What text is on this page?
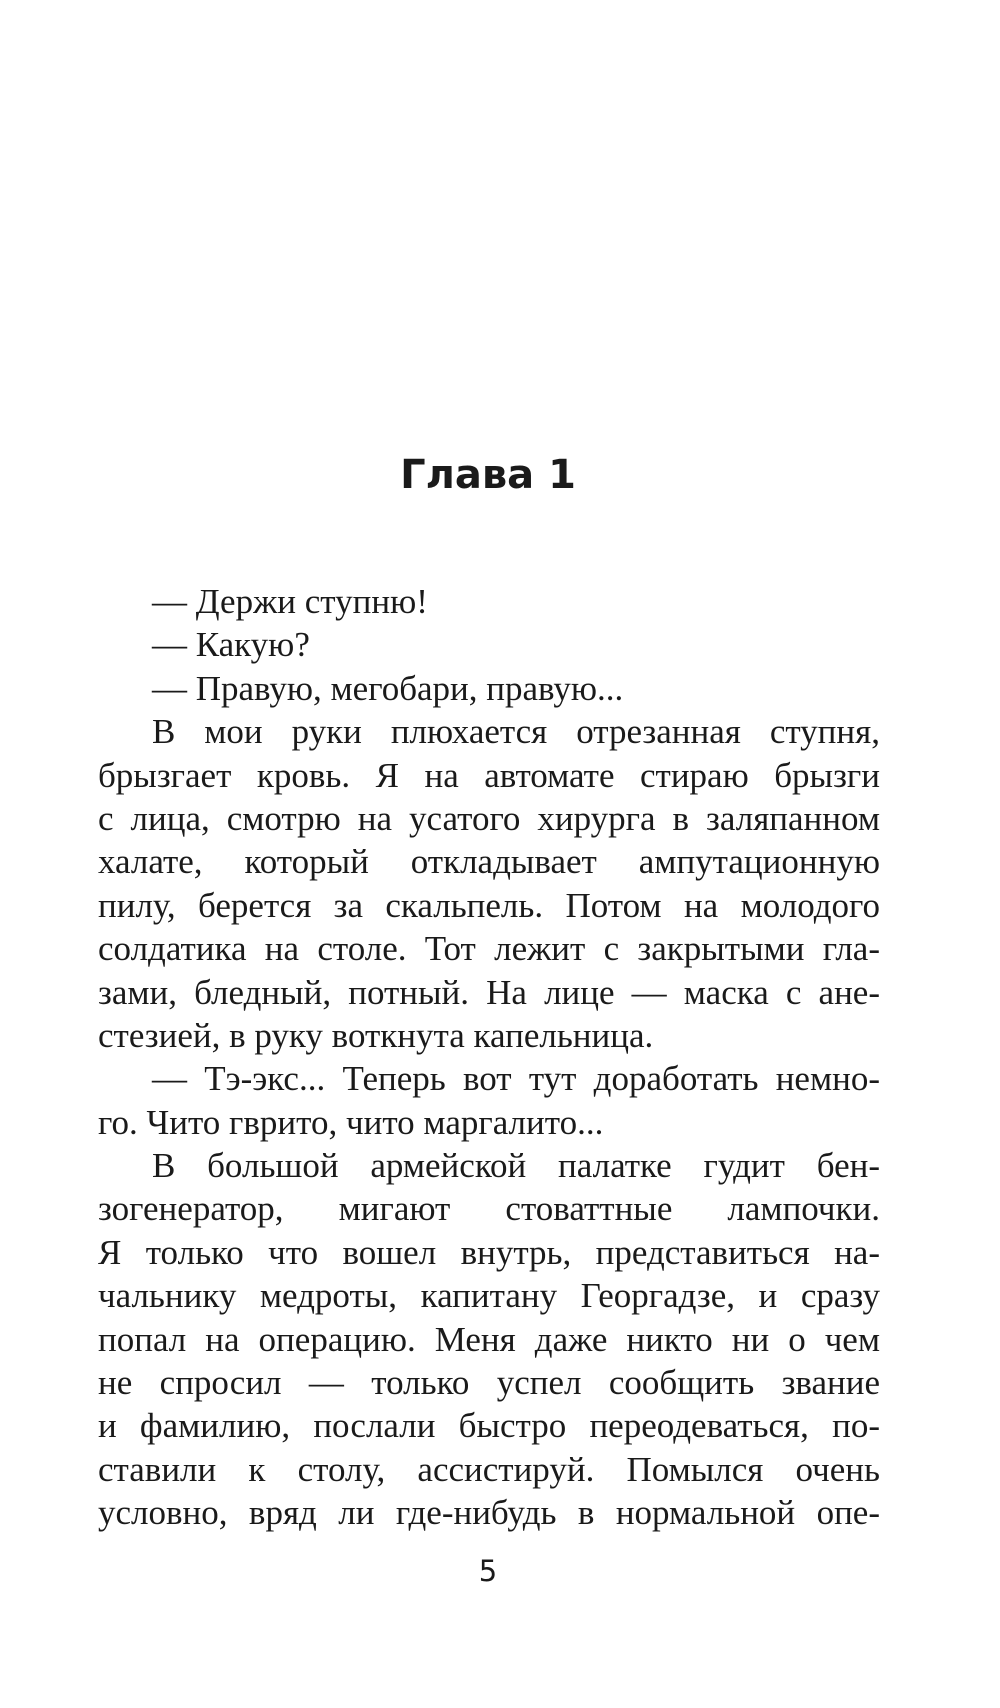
Глава 1
— Держи ступню!
— Какую?
— Правую, мегобари, правую...
В мои руки плюхается отрезанная ступня,
брызгает кровь. Я на автомате стираю брызги
с лица, смотрю на усатого хирурга в заляпанном
халате, который откладывает ампутационную
пилу, берется за скальпель. Потом на молодого
солдатика на столе. Тот лежит с закрытыми гла-
зами, бледный, потный. На лице — маска с ане-
стезией, в руку воткнута капельница.
— Тэ-экс... Теперь вот тут доработать немно-
го. Чито гврито, чито маргалито...
В большой армейской палатке гудит бен-
зогенератор, мигают стоваттные лампочки.
Я только что вошел внутрь, представиться на-
чальнику медроты, капитану Георгадзе, и сразу
попал на операцию. Меня даже никто ни о чем
не спросил — только успел сообщить звание
и фамилию, послали быстро переодеваться, по-
ставили к столу, ассистируй. Помылся очень
условно, вряд ли где-нибудь в нормальной опе-
5
